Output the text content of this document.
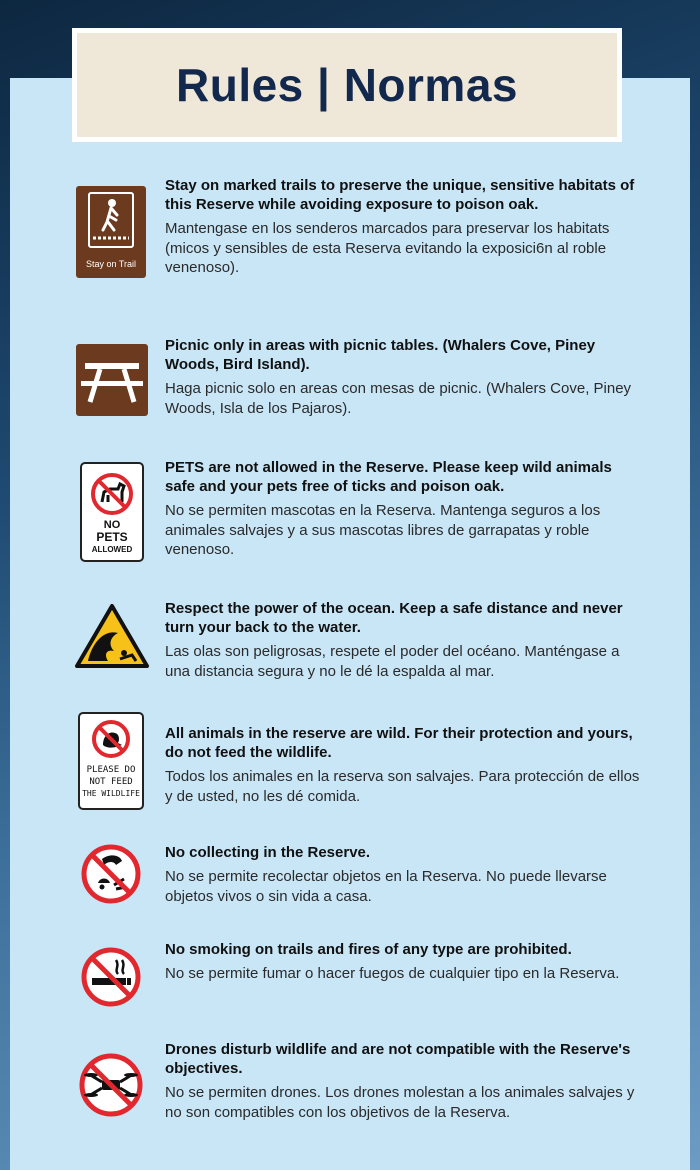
Rules | Normas
Stay on Trail

Stay on marked trails to preserve the unique, sensitive habitats of this Reserve while avoiding exposure to poison oak.

Mantengase en los senderos marcados para preservar los habitats (micos y sensibles de esta Reserva evitando la exposici6n al roble venenoso).

Picnic only in areas with picnic tables. (Whalers Cove, Piney Woods, Bird Island).

Haga picnic solo en areas con mesas de picnic. (Whalers Cove, Piney Woods, Isla de los Pajaros).

NO
PETS
ALLOWED

PETS are not allowed in the Reserve. Please keep wild animals safe and your pets free of ticks and poison oak.

No se permiten mascotas en la Reserva. Mantenga seguros a los animales salvajes y a sus mascotas libres de garrapatas y roble venenoso.

Respect the power of the ocean. Keep a safe distance and never turn your back to the water.

Las olas son peligrosas, respete el poder del océano. Manténgase a una distancia segura y no le dé la espalda al mar.

PLEASE DO
NOT FEED
THE WILDLIFE

All animals in the reserve are wild. For their protection and yours, do not feed the wildlife.

Todos los animales en la reserva son salvajes. Para protección de ellos y de usted, no les dé comida.

No collecting in the Reserve.

No se permite recolectar objetos en la Reserva. No puede llevarse objetos vivos o sin vida a casa.

No smoking on trails and fires of any type are prohibited.

No se permite fumar o hacer fuegos de cualquier tipo en la Reserva.

Drones disturb wildlife and are not compatible with the Reserve's objectives.

No se permiten drones. Los drones molestan a los animales salvajes y no son compatibles con los objetivos de la Reserva.
